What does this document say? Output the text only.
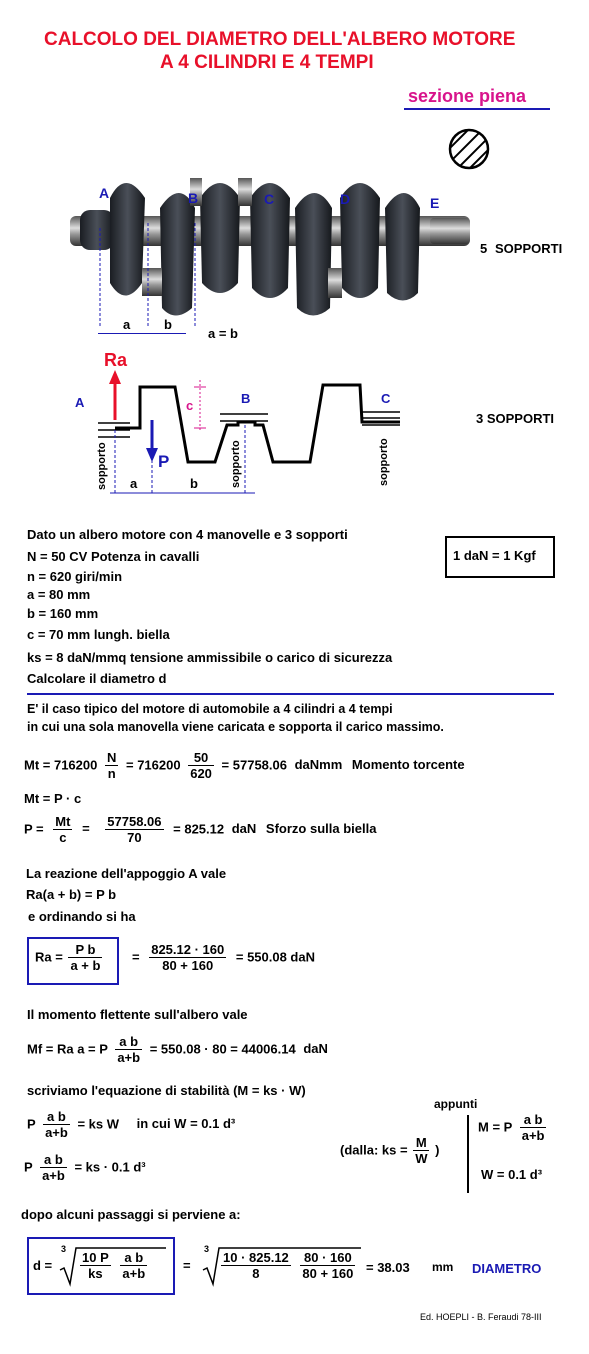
CALCOLO DEL DIAMETRO DELL'ALBERO MOTORE
A 4 CILINDRI E 4 TEMPI
sezione piena
A	B	C	D	E
a	b
a = b
5 SOPPORTI
Ra
P
c
A	B	C
sopporto	sopporto	sopporto
a	b
3 SOPPORTI
Dato un albero motore con 4 manovelle e 3 sopporti
N = 50 CV Potenza in cavalli
n = 620 giri/min
a = 80 mm
b = 160 mm
c = 70 mm lungh. biella
ks = 8 daN/mmq tensione ammissibile o carico di sicurezza
Calcolare il diametro d
1 daN = 1 Kgf
E' il caso tipico del motore di automobile a 4 cilindri a 4 tempi
in cui una sola manovella viene caricata e sopporta il carico massimo.
$Mt = 716200 \frac{N}{n} = 716200 \frac{50}{620} = 57758.06$ daNmm Momento torcente
Mt = P · c
$P = \frac{Mt}{c} = \frac{57758.06}{70} = 825.12$ daN Sforzo sulla biella
La reazione dell'appoggio A vale
Ra(a + b) = P b
e ordinando si ha
$Ra = \frac{\text{P b}}{a + b} = \frac{825.12 \cdot 160}{80 + 160} = 550.08$ daN
Il momento flettente sull'albero vale
Mf = Ra a = P $\frac{\text{a b}}{a+b} = 550.08 \cdot 80 = 44006.14$ daN
scriviamo l'equazione di stabilità (M = ks · W)
P $\frac{\text{a b}}{a+b}$ = ks W in cui W = 0.1 d³
P $\frac{\text{a b}}{a+b}$ = ks · 0.1 d³
appunti
(dalla: ks = $\frac{M}{W}$ )
M = P $\frac{\text{a b}}{a+b}$
W = 0.1 d³
dopo alcuni passaggi si perviene a:
d =
3
$\frac{10 P}{ks}$
$\frac{\text{a b}}{a+b}$	=
3
$\frac{10 \cdot 825.12}{8}$
$\frac{80 \cdot 160}{80 + 160} = 38.03$ mm DIAMETRO
Ed. HOEPLI - B. Feraudi 78-III
